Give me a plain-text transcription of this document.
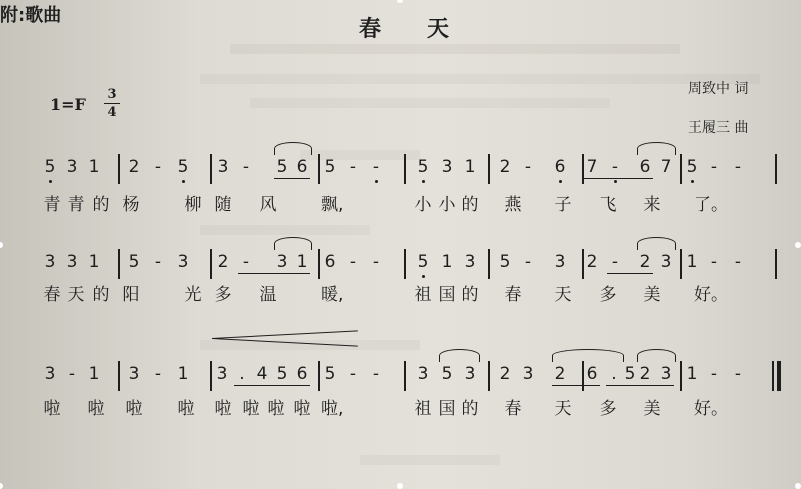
附:歌曲
春天
1=F
3
4
周致中 词
王履三 曲
5 3 1 2 - 5 3 - 5 6 5 - - 5 3 1 2 - 6 7 - 6 7 5 - -
青 青 的 杨	柳 随 风	飘,	小 小 的 燕 子 飞 来 了。
3 3 1 5 - 3 2 - 3 1 6 - - 5 1 3 5 - 3 2 - 2 3 1 - -
春 天 的 阳	光 多 温	暖,	祖 国 的 春 天 多 美 好。
3 - 1 3 - 1 3 . 4 5 6 5 - - 3 5 3 2 3 2 6 . 5 2 3 1 - -
啦 啦 啦 啦 啦 啦 啦 啦 啦,	祖 国 的 春 天 多 美 好。
